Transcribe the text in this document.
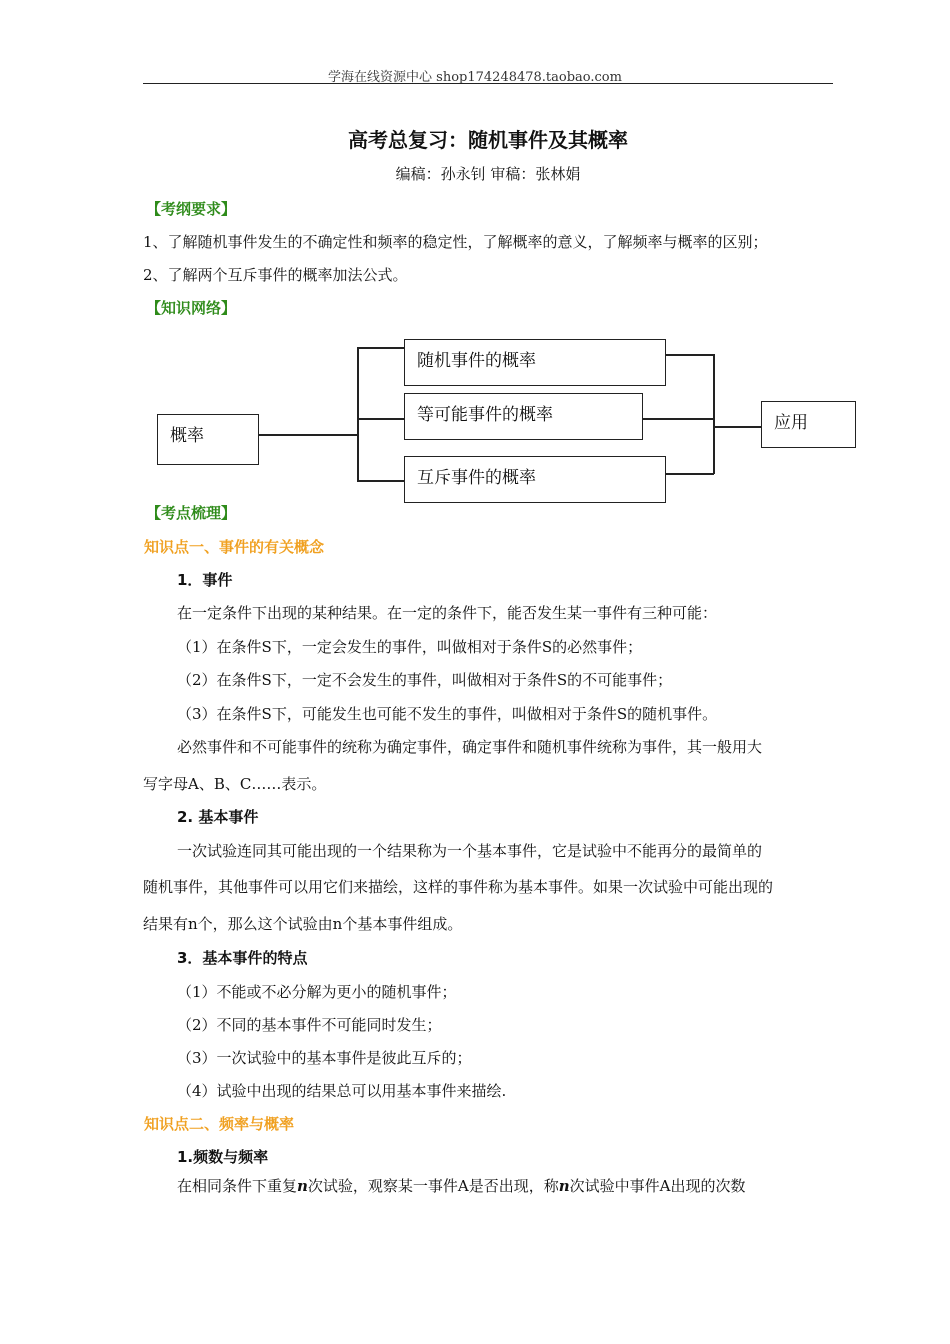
学海在线资源中心 shop174248478.taobao.com
高考总复习：随机事件及其概率
编稿：孙永钊 审稿：张林娟
【考纲要求】
1、了解随机事件发生的不确定性和频率的稳定性，了解概率的意义，了解频率与概率的区别；
2、了解两个互斥事件的概率加法公式。
【知识网络】
概率
随机事件的概率
等可能事件的概率
互斥事件的概率
应用
【考点梳理】
知识点一、事件的有关概念
1．事件
在一定条件下出现的某种结果。在一定的条件下，能否发生某一事件有三种可能：
（1）在条件S下，一定会发生的事件，叫做相对于条件S的必然事件；
（2）在条件S下，一定不会发生的事件，叫做相对于条件S的不可能事件；
（3）在条件S下，可能发生也可能不发生的事件，叫做相对于条件S的随机事件。
必然事件和不可能事件的统称为确定事件，确定事件和随机事件统称为事件，其一般用大
写字母A、B、C……表示。
2. 基本事件
一次试验连同其可能出现的一个结果称为一个基本事件，它是试验中不能再分的最简单的
随机事件，其他事件可以用它们来描绘，这样的事件称为基本事件。如果一次试验中可能出现的
结果有n个，那么这个试验由n个基本事件组成。
3．基本事件的特点
（1）不能或不必分解为更小的随机事件；
（2）不同的基本事件不可能同时发生；
（3）一次试验中的基本事件是彼此互斥的；
（4）试验中出现的结果总可以用基本事件来描绘.
知识点二、频率与概率
1.频数与频率
在相同条件下重复n次试验，观察某一事件A是否出现，称n次试验中事件A出现的次数
